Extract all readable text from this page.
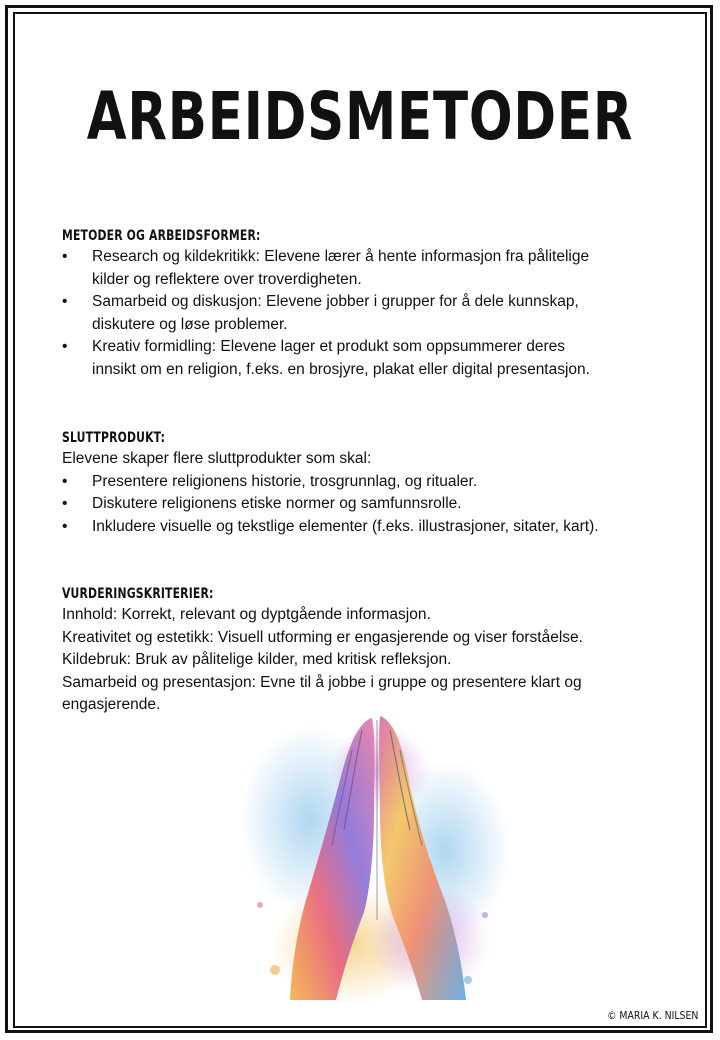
ARBEIDSMETODER
METODER OG ARBEIDSFORMER:
• Research og kildekritikk: Elevene lærer å hente informasjon fra pålitelige
kilder og reflektere over troverdigheten.
• Samarbeid og diskusjon: Elevene jobber i grupper for å dele kunnskap,
diskutere og løse problemer.
• Kreativ formidling: Elevene lager et produkt som oppsummerer deres
innsikt om en religion, f.eks. en brosjyre, plakat eller digital presentasjon.
SLUTTPRODUKT:
Elevene skaper flere sluttprodukter som skal:
• Presentere religionens historie, trosgrunnlag, og ritualer.
• Diskutere religionens etiske normer og samfunnsrolle.
• Inkludere visuelle og tekstlige elementer (f.eks. illustrasjoner, sitater, kart).
VURDERINGSKRITERIER:
Innhold: Korrekt, relevant og dyptgående informasjon.
Kreativitet og estetikk: Visuell utforming er engasjerende og viser forståelse.
Kildebruk: Bruk av pålitelige kilder, med kritisk refleksjon.
Samarbeid og presentasjon: Evne til å jobbe i gruppe og presentere klart og
engasjerende.
© MARIA K. NILSEN
